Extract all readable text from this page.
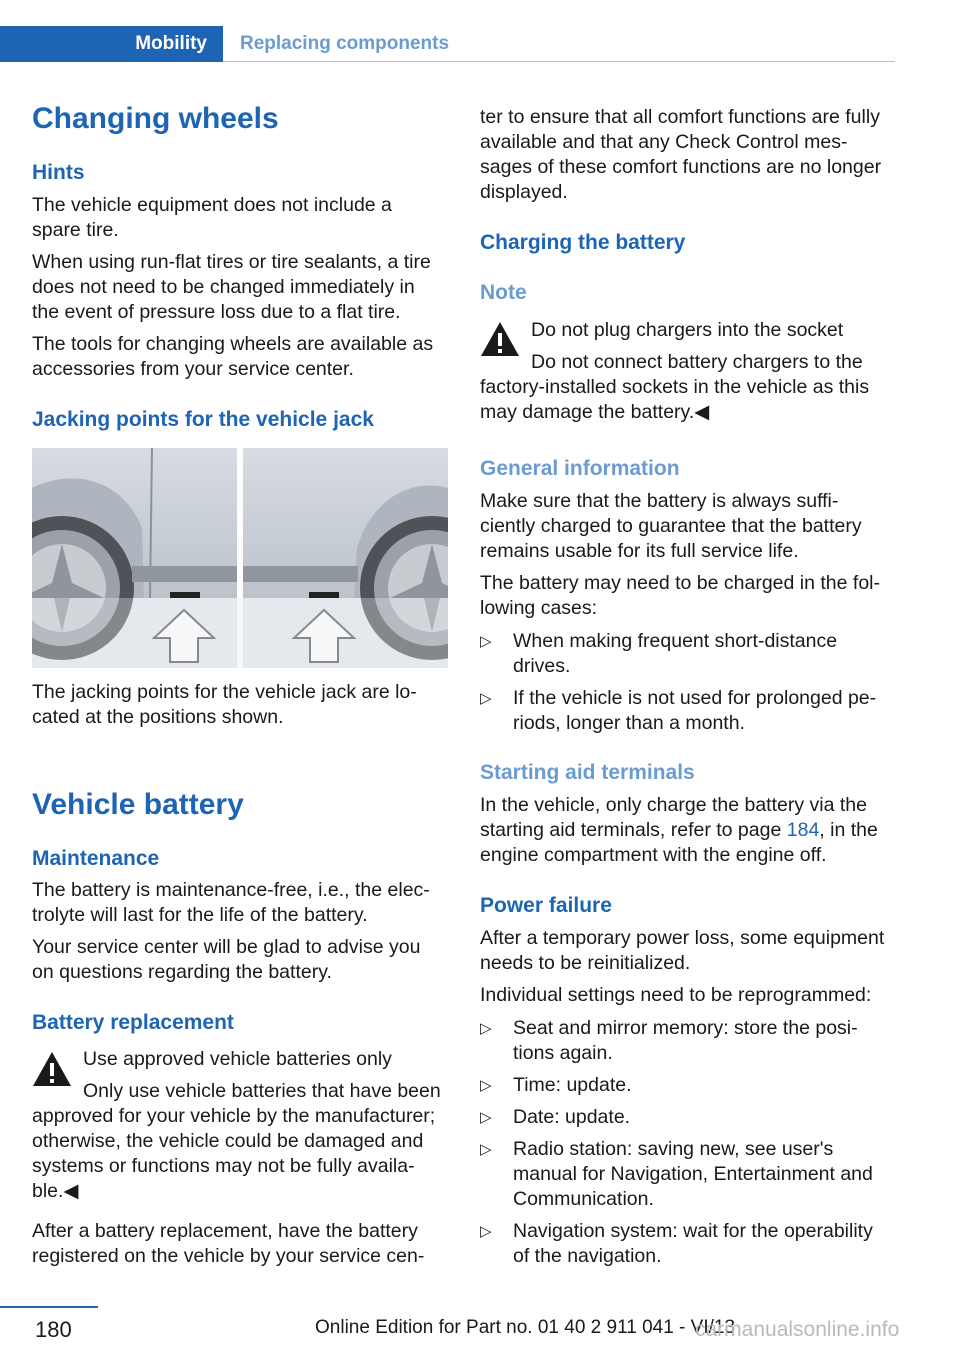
Mobility	Replacing components
Changing wheels
Hints
The vehicle equipment does not include a
spare tire.
When using run-flat tires or tire sealants, a tire
does not need to be changed immediately in
the event of pressure loss due to a flat tire.
The tools for changing wheels are available as
accessories from your service center.
Jacking points for the vehicle jack
The jacking points for the vehicle jack are lo-
cated at the positions shown.
Vehicle battery
Maintenance
The battery is maintenance-free, i.e., the elec-
trolyte will last for the life of the battery.
Your service center will be glad to advise you
on questions regarding the battery.
Battery replacement
Use approved vehicle batteries only
Only use vehicle batteries that have been
approved for your vehicle by the manufacturer;
otherwise, the vehicle could be damaged and
systems or functions may not be fully availa-
ble.◀
After a battery replacement, have the battery
registered on the vehicle by your service cen-
ter to ensure that all comfort functions are fully
available and that any Check Control mes-
sages of these comfort functions are no longer
displayed.
Charging the battery
Note
Do not plug chargers into the socket
Do not connect battery chargers to the
factory-installed sockets in the vehicle as this
may damage the battery.◀
General information
Make sure that the battery is always suffi-
ciently charged to guarantee that the battery
remains usable for its full service life.
The battery may need to be charged in the fol-
lowing cases:
▷ When making frequent short-distance
drives.
▷ If the vehicle is not used for prolonged pe-
riods, longer than a month.
Starting aid terminals
In the vehicle, only charge the battery via the
starting aid terminals, refer to page 184, in the
engine compartment with the engine off.
Power failure
After a temporary power loss, some equipment
needs to be reinitialized.
Individual settings need to be reprogrammed:
▷ Seat and mirror memory: store the posi-
tions again.
▷ Time: update.
▷ Date: update.
▷ Radio station: saving new, see user's
manual for Navigation, Entertainment and
Communication.
▷ Navigation system: wait for the operability
of the navigation.
180	Online Edition for Part no. 01 40 2 911 041 - VI/13
carmanualsonline.info
